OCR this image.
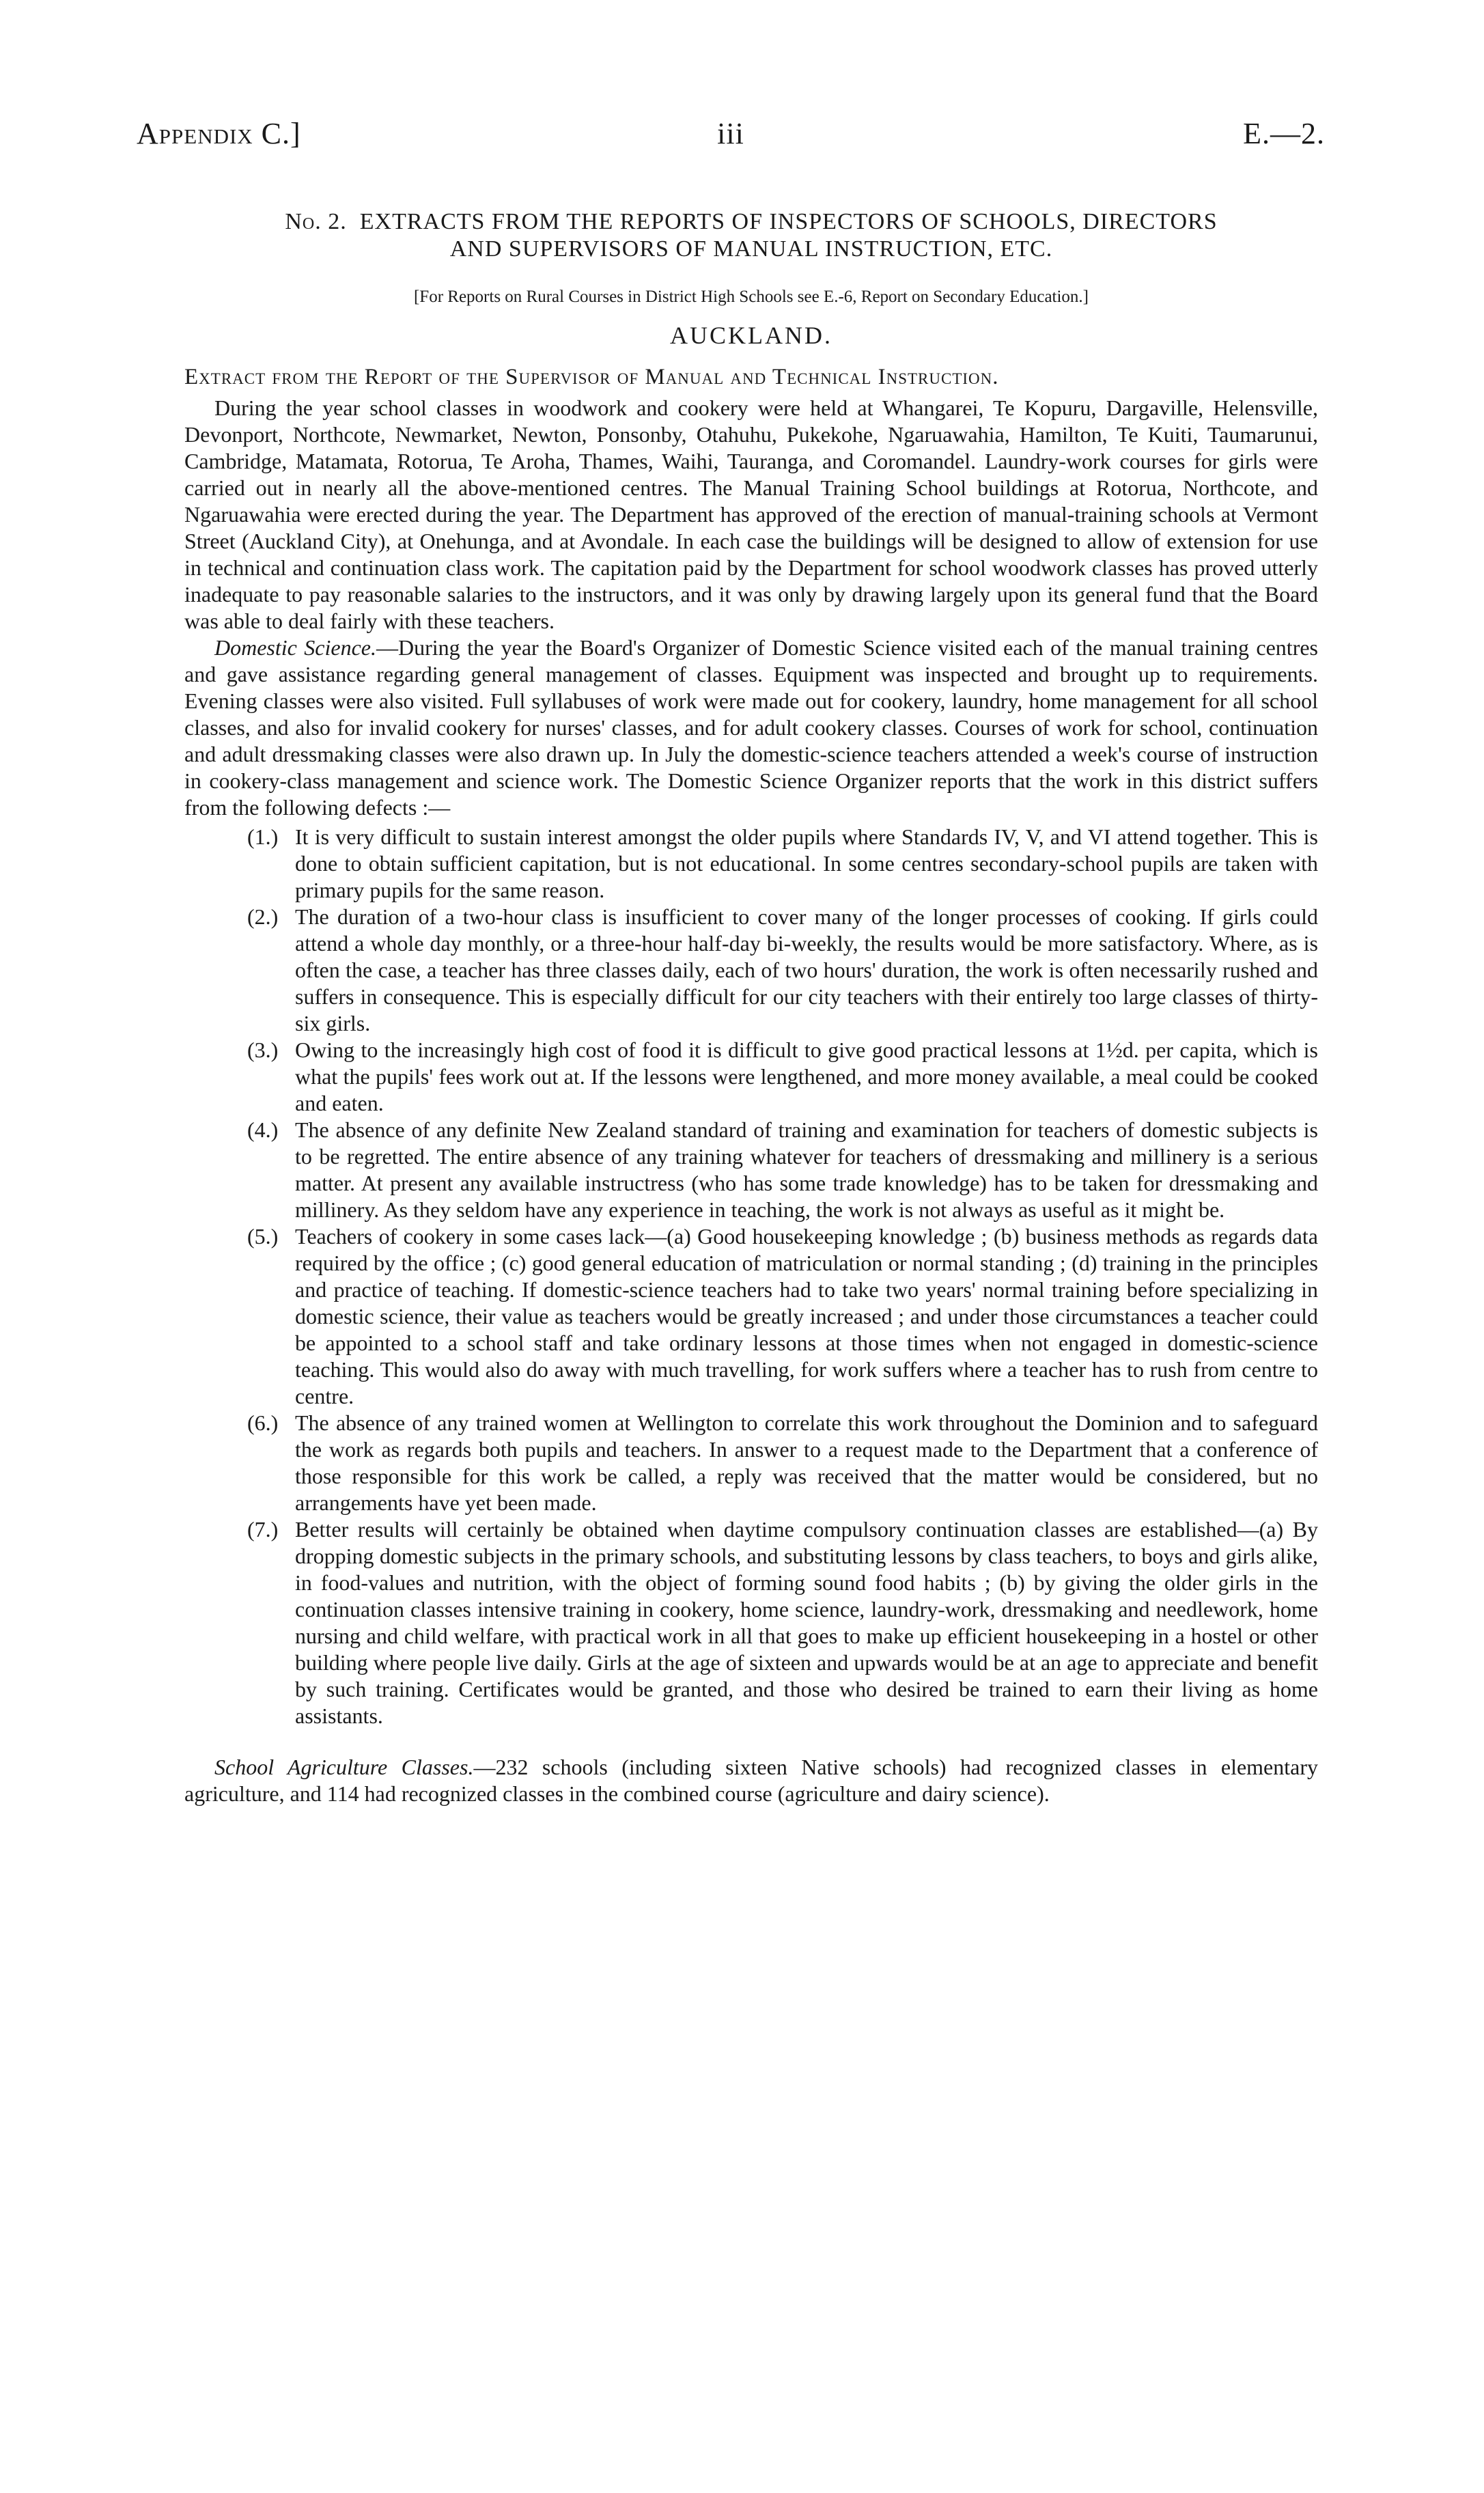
Appendix C.]	iii	E.—2.
No. 2. EXTRACTS FROM THE REPORTS OF INSPECTORS OF SCHOOLS, DIRECTORS
AND SUPERVISORS OF MANUAL INSTRUCTION, ETC.
[For Reports on Rural Courses in District High Schools see E.-6, Report on Secondary Education.]
AUCKLAND.
Extract from the Report of the Supervisor of Manual and Technical Instruction.

During the year school classes in woodwork and cookery were held at Whangarei, Te Kopuru, Dargaville, Helensville, Devonport, Northcote, Newmarket, Newton, Ponsonby, Otahuhu, Pukekohe, Ngaruawahia, Hamilton, Te Kuiti, Taumarunui, Cambridge, Matamata, Rotorua, Te Aroha, Thames, Waihi, Tauranga, and Coromandel. Laundry-work courses for girls were carried out in nearly all the above-mentioned centres. The Manual Training School buildings at Rotorua, Northcote, and Ngaruawahia were erected during the year. The Department has approved of the erection of manual-training schools at Vermont Street (Auckland City), at Onehunga, and at Avondale. In each case the buildings will be designed to allow of extension for use in technical and continuation class work. The capitation paid by the Department for school woodwork classes has proved utterly inadequate to pay reasonable salaries to the instructors, and it was only by drawing largely upon its general fund that the Board was able to deal fairly with these teachers.

Domestic Science.—During the year the Board's Organizer of Domestic Science visited each of the manual training centres and gave assistance regarding general management of classes. Equipment was inspected and brought up to requirements. Evening classes were also visited. Full syllabuses of work were made out for cookery, laundry, home management for all school classes, and also for invalid cookery for nurses' classes, and for adult cookery classes. Courses of work for school, continuation and adult dressmaking classes were also drawn up. In July the domestic-science teachers attended a week's course of instruction in cookery-class management and science work. The Domestic Science Organizer reports that the work in this district suffers from the following defects :—

(1.) It is very difficult to sustain interest amongst the older pupils where Standards IV, V, and VI attend together. This is done to obtain sufficient capitation, but is not educational. In some centres secondary-school pupils are taken with primary pupils for the same reason.

(2.) The duration of a two-hour class is insufficient to cover many of the longer processes of cooking. If girls could attend a whole day monthly, or a three-hour half-day bi-weekly, the results would be more satisfactory. Where, as is often the case, a teacher has three classes daily, each of two hours' duration, the work is often necessarily rushed and suffers in consequence. This is especially difficult for our city teachers with their entirely too large classes of thirty-six girls.

(3.) Owing to the increasingly high cost of food it is difficult to give good practical lessons at 1½d. per capita, which is what the pupils' fees work out at. If the lessons were lengthened, and more money available, a meal could be cooked and eaten.

(4.) The absence of any definite New Zealand standard of training and examination for teachers of domestic subjects is to be regretted. The entire absence of any training whatever for teachers of dressmaking and millinery is a serious matter. At present any available instructress (who has some trade knowledge) has to be taken for dressmaking and millinery. As they seldom have any experience in teaching, the work is not always as useful as it might be.

(5.) Teachers of cookery in some cases lack—(a) Good housekeeping knowledge ; (b) business methods as regards data required by the office ; (c) good general education of matriculation or normal standing ; (d) training in the principles and practice of teaching. If domestic-science teachers had to take two years' normal training before specializing in domestic science, their value as teachers would be greatly increased ; and under those circumstances a teacher could be appointed to a school staff and take ordinary lessons at those times when not engaged in domestic-science teaching. This would also do away with much travelling, for work suffers where a teacher has to rush from centre to centre.

(6.) The absence of any trained women at Wellington to correlate this work throughout the Dominion and to safeguard the work as regards both pupils and teachers. In answer to a request made to the Department that a conference of those responsible for this work be called, a reply was received that the matter would be considered, but no arrangements have yet been made.

(7.) Better results will certainly be obtained when daytime compulsory continuation classes are established—(a) By dropping domestic subjects in the primary schools, and substituting lessons by class teachers, to boys and girls alike, in food-values and nutrition, with the object of forming sound food habits ; (b) by giving the older girls in the continuation classes intensive training in cookery, home science, laundry-work, dressmaking and needlework, home nursing and child welfare, with practical work in all that goes to make up efficient housekeeping in a hostel or other building where people live daily. Girls at the age of sixteen and upwards would be at an age to appreciate and benefit by such training. Certificates would be granted, and those who desired be trained to earn their living as home assistants.

School Agriculture Classes.—232 schools (including sixteen Native schools) had recognized classes in elementary agriculture, and 114 had recognized classes in the combined course (agriculture and dairy science).
